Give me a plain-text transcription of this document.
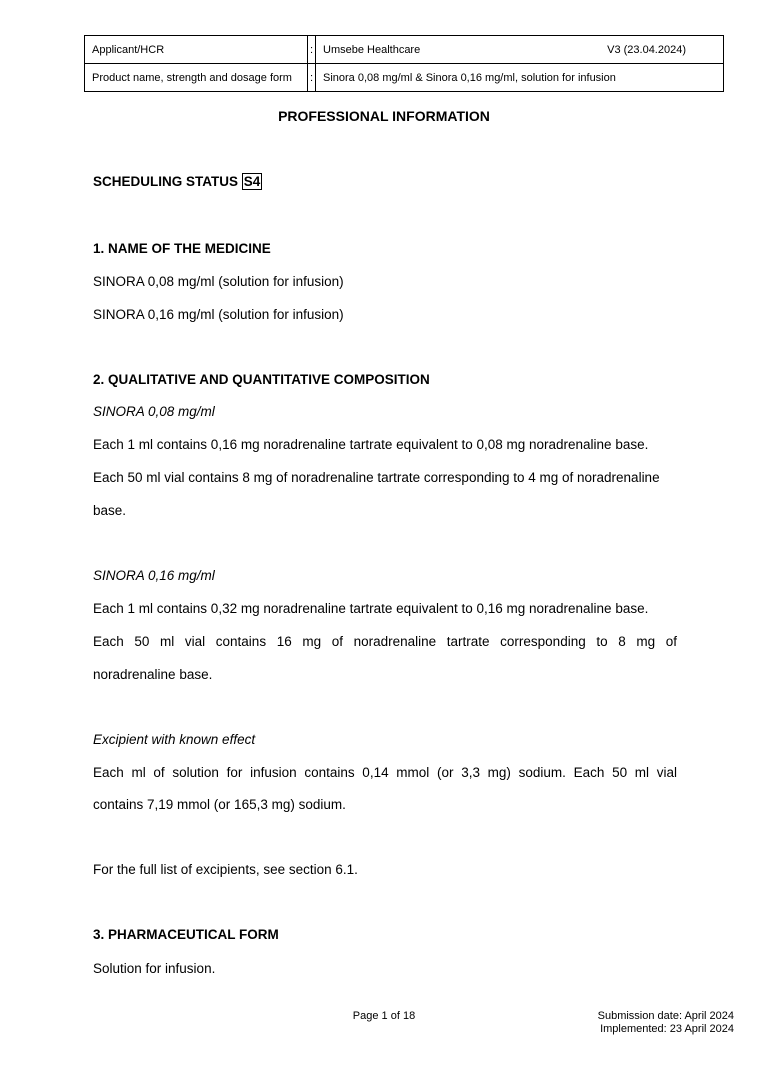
Applicant/HCR	:	Umsebe Healthcare V3 (23.04.2024)

Product name, strength and dosage form	:	Sinora 0,08 mg/ml & Sinora 0,16 mg/ml, solution for infusion
PROFESSIONAL INFORMATION
SCHEDULING STATUS S4
1. NAME OF THE MEDICINE
SINORA 0,08 mg/ml (solution for infusion)
SINORA 0,16 mg/ml (solution for infusion)
2. QUALITATIVE AND QUANTITATIVE COMPOSITION
SINORA 0,08 mg/ml
Each 1 ml contains 0,16 mg noradrenaline tartrate equivalent to 0,08 mg noradrenaline base.
Each 50 ml vial contains 8 mg of noradrenaline tartrate corresponding to 4 mg of noradrenaline
base.
SINORA 0,16 mg/ml
Each 1 ml contains 0,32 mg noradrenaline tartrate equivalent to 0,16 mg noradrenaline base.
Each 50 ml vial contains 16 mg of noradrenaline tartrate corresponding to 8 mg of
noradrenaline base.
Excipient with known effect
Each ml of solution for infusion contains 0,14 mmol (or 3,3 mg) sodium. Each 50 ml vial
contains 7,19 mmol (or 165,3 mg) sodium.
For the full list of excipients, see section 6.1.
3. PHARMACEUTICAL FORM
Solution for infusion.
Page 1 of 18	Submission date: April 2024
Implemented: 23 April 2024
